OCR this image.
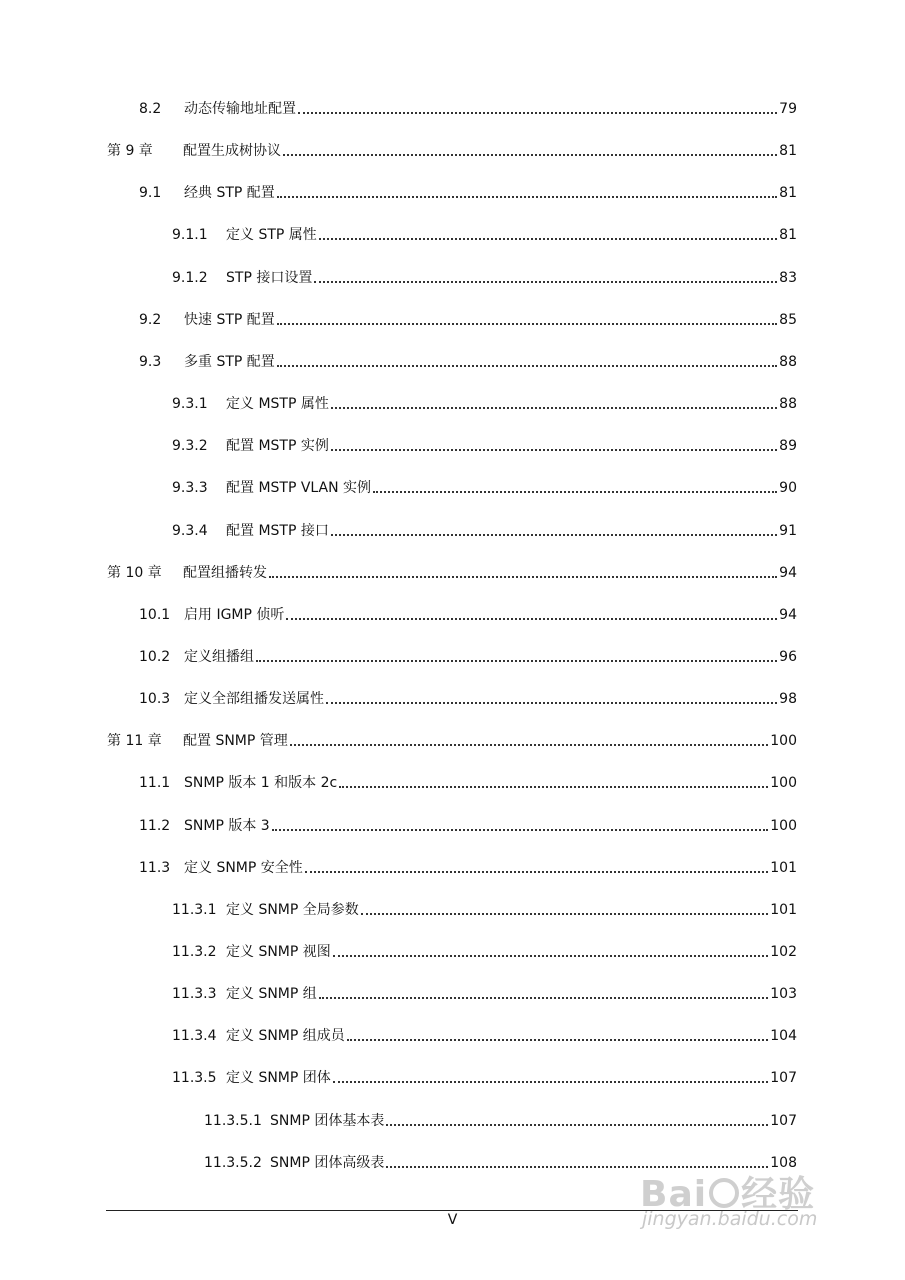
8.2	动态传输地址配置	79
第 9 章	配置生成树协议	81
9.1	经典 STP 配置	81
9.1.1	定义 STP 属性	81
9.1.2	STP 接口设置	83
9.2	快速 STP 配置	85
9.3	多重 STP 配置	88
9.3.1	定义 MSTP 属性	88
9.3.2	配置 MSTP 实例	89
9.3.3	配置 MSTP VLAN 实例	90
9.3.4	配置 MSTP 接口	91
第 10 章	配置组播转发	94
10.1 启用 IGMP 侦听	94
10.2 定义组播组	96
10.3 定义全部组播发送属性	98
第 11 章	配置 SNMP 管理	100
11.1 SNMP 版本 1 和版本 2c	100
11.2 SNMP 版本 3	100
11.3 定义 SNMP 安全性	101
11.3.1 定义 SNMP 全局参数	101
11.3.2 定义 SNMP 视图	102
11.3.3 定义 SNMP 组	103
11.3.4 定义 SNMP 组成员	104
11.3.5 定义 SNMP 团体	107
11.3.5.1 SNMP 团体基本表	107
11.3.5.2 SNMP 团体高级表	108
V
Bai 经验
jingyan.baidu.com
